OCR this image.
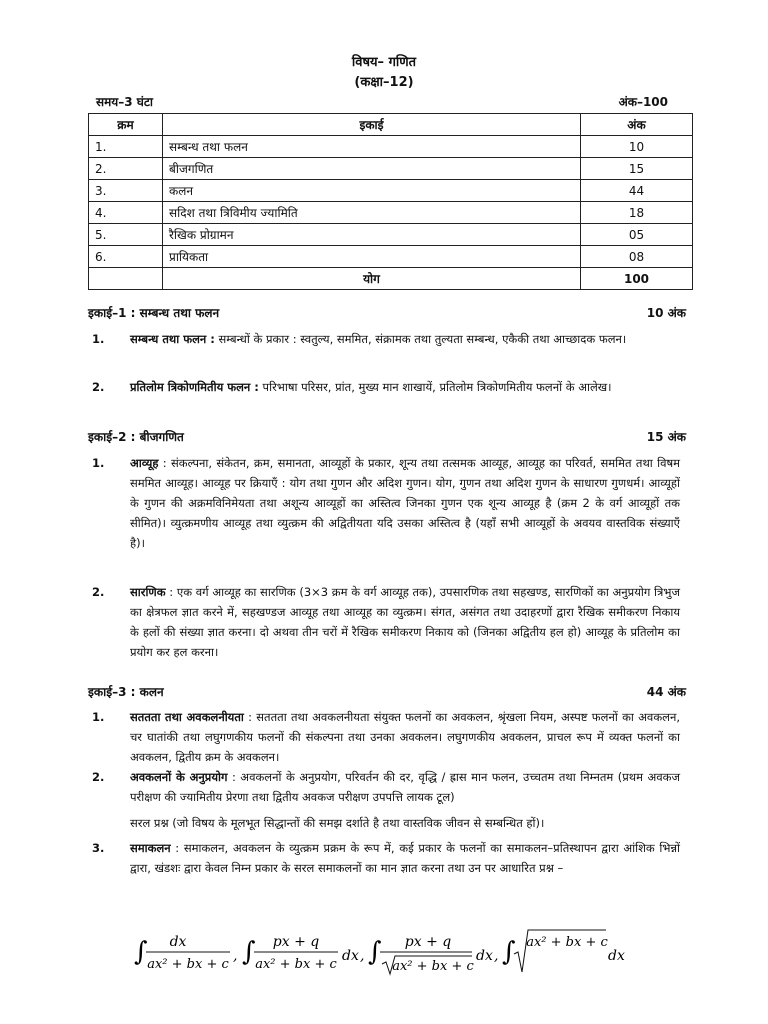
विषय– गणित
(कक्षा–12)
समय–3 घंटा	अंक–100
क्रम	इकाई	अंक
1.	सम्बन्ध तथा फलन	10
2.	बीजगणित	15
3.	कलन	44
4.	सदिश तथा त्रिविमीय ज्यामिति	18
5.	रैखिक प्रोग्रामन	05
6.	प्रायिकता	08
	योग	100
इकाई–1 : सम्बन्ध तथा फलन	10 अंक
1. सम्बन्ध तथा फलन : सम्बन्धों के प्रकार : स्वतुल्य, सममित, संक्रामक तथा तुल्यता सम्बन्ध, एकैकी तथा आच्छादक फलन।
2. प्रतिलोम त्रिकोणमितीय फलन : परिभाषा परिसर, प्रांत, मुख्य मान शाखायें, प्रतिलोम त्रिकोणमितीय फलनों के आलेख।
इकाई–2 : बीजगणित	15 अंक
1. आव्यूह : संकल्पना, संकेतन, क्रम, समानता, आव्यूहों के प्रकार, शून्य तथा तत्समक आव्यूह, आव्यूह का परिवर्त, सममित तथा विषम सममित आव्यूह। आव्यूह पर क्रियाएँ : योग तथा गुणन और अदिश गुणन। योग, गुणन तथा अदिश गुणन के साधारण गुणधर्म। आव्यूहों के गुणन की अक्रमविनिमेयता तथा अशून्य आव्यूहों का अस्तित्व जिनका गुणन एक शून्य आव्यूह है (क्रम 2 के वर्ग आव्यूहों तक सीमित)। व्युत्क्रमणीय आव्यूह तथा व्युत्क्रम की अद्वितीयता यदि उसका अस्तित्व है (यहाँ सभी आव्यूहों के अवयव वास्तविक संख्याएँ है)।
2. सारणिक : एक वर्ग आव्यूह का सारणिक (3×3 क्रम के वर्ग आव्यूह तक), उपसारणिक तथा सहखण्ड, सारणिकों का अनुप्रयोग त्रिभुज का क्षेत्रफल ज्ञात करने में, सहखण्डज आव्यूह तथा आव्यूह का व्युत्क्रम। संगत, असंगत तथा उदाहरणों द्वारा रैखिक समीकरण निकाय के हलों की संख्या ज्ञात करना। दो अथवा तीन चरों में रैखिक समीकरण निकाय को (जिनका अद्वितीय हल हो) आव्यूह के प्रतिलोम का प्रयोग कर हल करना।
इकाई–3 : कलन	44 अंक
1. सततता तथा अवकलनीयता : सततता तथा अवकलनीयता संयुक्त फलनों का अवकलन, श्रृंखला नियम, अस्पष्ट फलनों का अवकलन, चर घातांकी तथा लघुगणकीय फलनों की संकल्पना तथा उनका अवकलन। लघुगणकीय अवकलन, प्राचल रूप में व्यक्त फलनों का अवकलन, द्वितीय क्रम के अवकलन।
2. अवकलनों के अनुप्रयोग : अवकलनों के अनुप्रयोग, परिवर्तन की दर, वृद्धि / ह्रास मान फलन, उच्चतम तथा निम्नतम (प्रथम अवकज परीक्षण की ज्यामितीय प्रेरणा तथा द्वितीय अवकज परीक्षण उपपत्ति लायक टूल)
सरल प्रश्न (जो विषय के मूलभूत सिद्धान्तों की समझ दर्शाते है तथा वास्तविक जीवन से सम्बन्धित हों)।
3. समाकलन : समाकलन, अवकलन के व्युत्क्रम प्रक्रम के रूप में, कई प्रकार के फलनों का समाकलन–प्रतिस्थापन द्वारा आंशिक भिन्नों द्वारा, खंडशः द्वारा केवल निम्न प्रकार के सरल समाकलनों का मान ज्ञात करना तथा उन पर आधारित प्रश्न –
∫ dx
ax² + bx + c
, ∫ px + q
ax² + bx + c
dx , ∫ px + q
ax² + bx + c
dx , ∫ ax² + bx + c
dx
